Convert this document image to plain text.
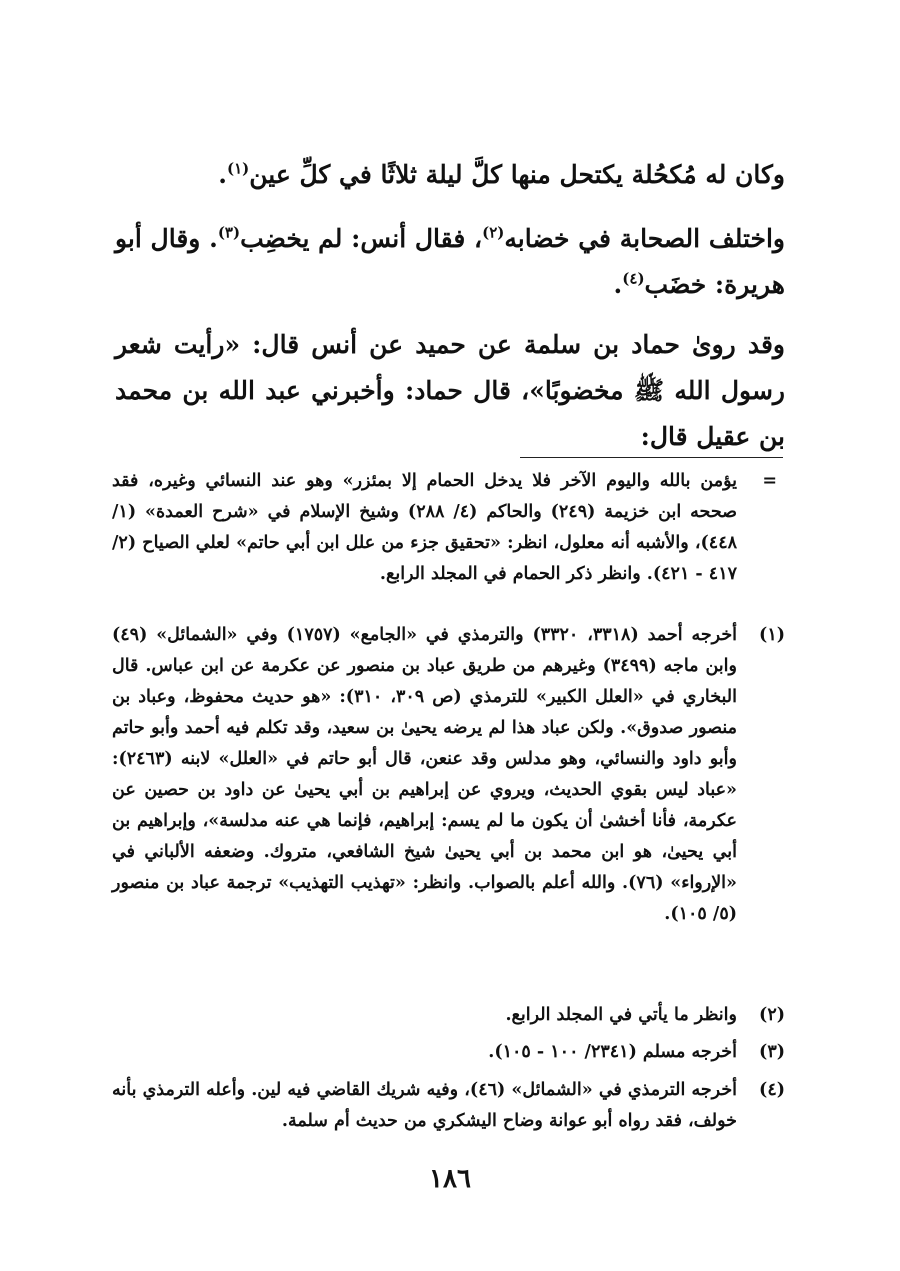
وكان له مُكحُلة يكتحل منها كلَّ ليلة ثلاثًا في كلِّ عين$^{(١)}$.

واختلف الصحابة في خضابه$^{(٢)}$، فقال أنس: لم يخضِب$^{(٣)}$. وقال أبو هريرة: خضَب$^{(٤)}$.

وقد روىٰ حماد بن سلمة عن حميد عن أنس قال: «رأيت شعر رسول الله ﷺ مخضوبًا»، قال حماد: وأخبرني عبد الله بن محمد بن عقيل قال:

=
يؤمن بالله واليوم الآخر فلا يدخل الحمام إلا بمئزر» وهو عند النسائي وغيره، فقد صححه ابن خزيمة (٢٤٩) والحاكم (٤/ ٢٨٨) وشيخ الإسلام في «شرح العمدة» (١/ ٤٤٨)، والأشبه أنه معلول، انظر: «تحقيق جزء من علل ابن أبي حاتم» لعلي الصياح (٢/ ٤١٧ - ٤٢١). وانظر ذكر الحمام في المجلد الرابع.
(١)
أخرجه أحمد (٣٣١٨، ٣٣٢٠) والترمذي في «الجامع» (١٧٥٧) وفي «الشمائل» (٤٩) وابن ماجه (٣٤٩٩) وغيرهم من طريق عباد بن منصور عن عكرمة عن ابن عباس. قال البخاري في «العلل الكبير» للترمذي (ص ٣٠٩، ٣١٠): «هو حديث محفوظ، وعباد بن منصور صدوق». ولكن عباد هذا لم يرضه يحيىٰ بن سعيد، وقد تكلم فيه أحمد وأبو حاتم وأبو داود والنسائي، وهو مدلس وقد عنعن، قال أبو حاتم في «العلل» لابنه (٢٤٦٣): «عباد ليس بقوي الحديث، ويروي عن إبراهيم بن أبي يحيىٰ عن داود بن حصين عن عكرمة، فأنا أخشىٰ أن يكون ما لم يسم: إبراهيم، فإنما هي عنه مدلسة»، وإبراهيم بن أبي يحيىٰ، هو ابن محمد بن أبي يحيىٰ شيخ الشافعي، متروك. وضعفه الألباني في «الإرواء» (٧٦). والله أعلم بالصواب. وانظر: «تهذيب التهذيب» ترجمة عباد بن منصور (٥/ ١٠٥).
(٢)
وانظر ما يأتي في المجلد الرابع.
(٣)
أخرجه مسلم (٢٣٤١/ ١٠٠ - ١٠٥).
(٤)
أخرجه الترمذي في «الشمائل» (٤٦)، وفيه شريك القاضي فيه لين. وأعله الترمذي بأنه خولف، فقد رواه أبو عوانة وضاح اليشكري من حديث أم سلمة.
١٨٦
